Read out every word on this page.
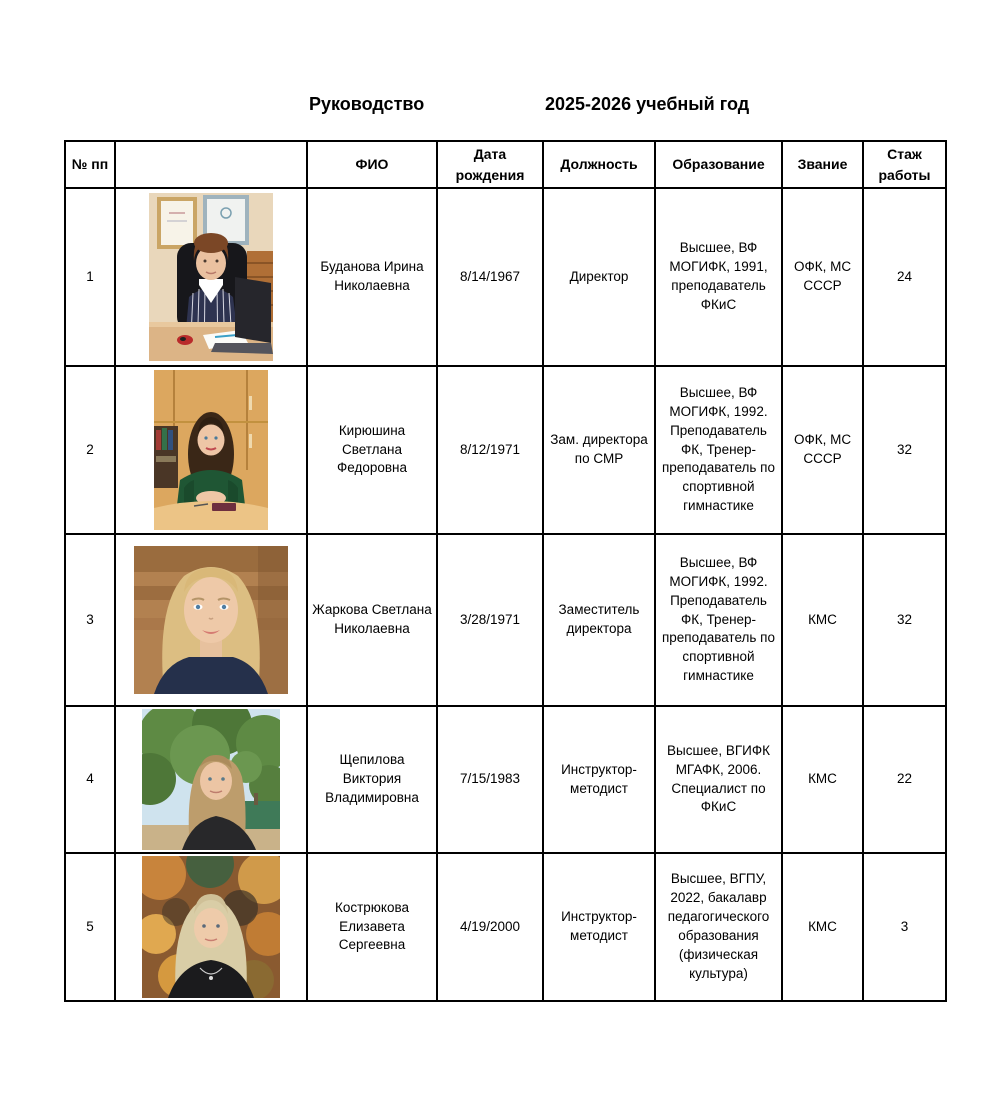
Руководство	2025-2026 учебный год
№ пп		ФИО	Дата рождения	Должность	Образование	Звание	Стаж работы
1		Буданова Ирина Николаевна	8/14/1967	Директор	Высшее, ВФ МОГИФК, 1991, преподаватель ФКиС	ОФК, МС СССР	24
2		Кирюшина Светлана Федоровна	8/12/1971	Зам. директора по СМР	Высшее, ВФ МОГИФК, 1992. Преподаватель ФК, Тренер-преподаватель по спортивной гимнастике	ОФК, МС СССР	32
3		Жаркова Светлана Николаевна	3/28/1971	Заместитель директора	Высшее, ВФ МОГИФК, 1992. Преподаватель ФК, Тренер-преподаватель по спортивной гимнастике	КМС	32
4		Щепилова Виктория Владимировна	7/15/1983	Инструктор-методист	Высшее, ВГИФК МГАФК, 2006. Специалист по ФКиС	КМС	22
5		Кострюкова Елизавета Сергеевна	4/19/2000	Инструктор-методист	Высшее, ВГПУ, 2022, бакалавр педагогического образования (физическая культура)	КМС	3
